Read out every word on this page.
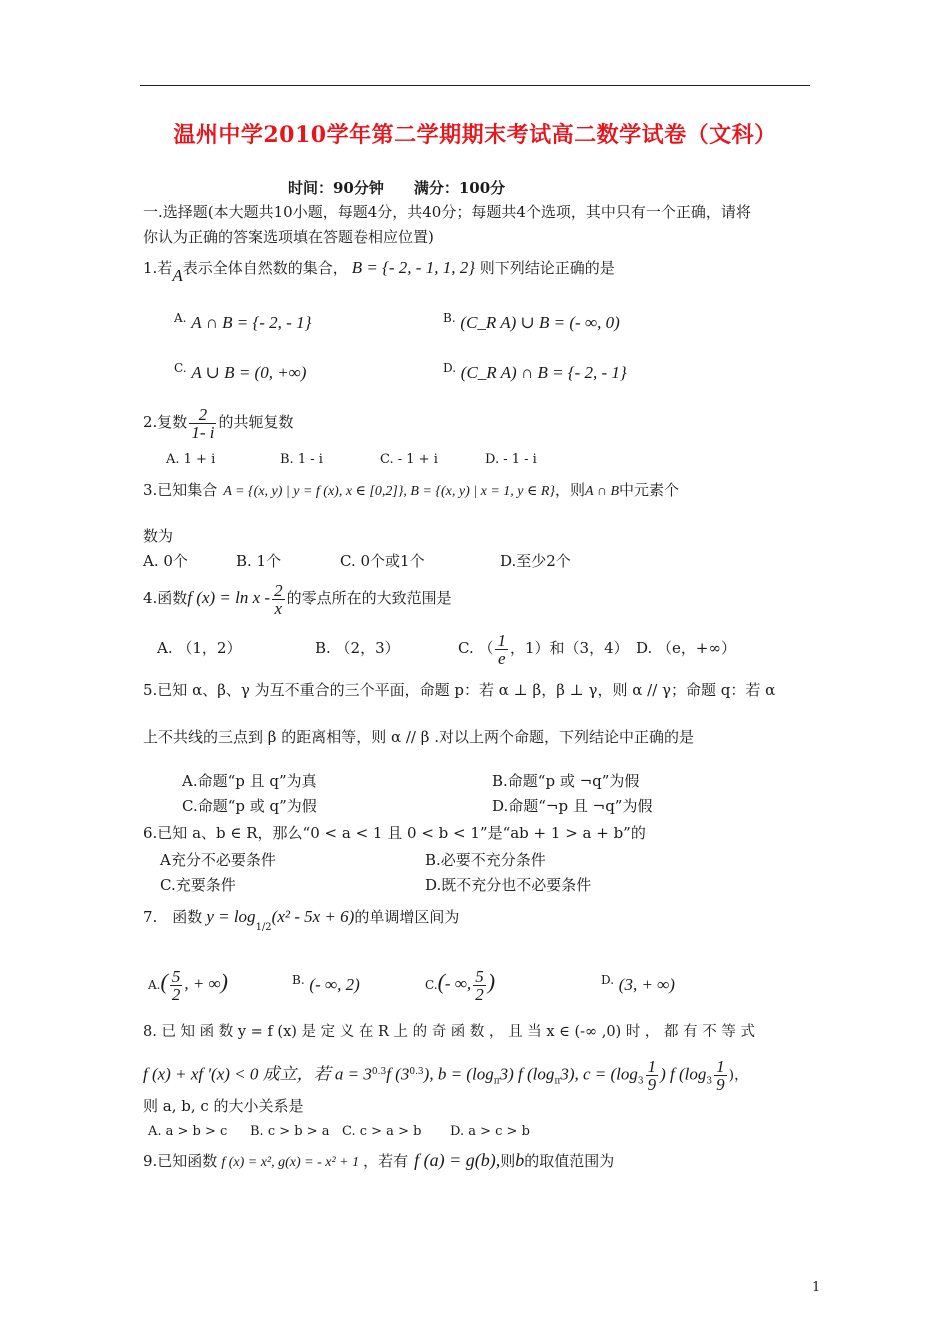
温州中学2010学年第二学期期末考试高二数学试卷（文科）
时间：90分钟　　满分：100分
一.选择题(本大题共10小题，每题4分，共40分；每题共4个选项，其中只有一个正确，请将
你认为正确的答案选项填在答题卷相应位置)
1.若A表示全体自然数的集合， B = {- 2, - 1, 1, 2} 则下列结论正确的是
$^{A.}$ A ∩ B = {- 2, - 1}	$^{B.}$ (C_R A) ∪ B = (- ∞, 0)
$^{C.}$ A ∪ B = (0, +∞)	$^{D.}$ (C_R A) ∩ B = {- 2, - 1}
2.复数 $\frac{2}{1- i}$ 的共轭复数
A. 1 + i	B. 1 - i	C. - 1 + i	D. - 1 - i
3.已知集合 A = {(x, y) | y = f (x), x ∈ [0,2]}, B = {(x, y) | x = 1, y ∈ R}，则A ∩ B中元素个
数为
A. 0个	B. 1个	C. 0个或1个	D.至少2个
4.函数f $(x) = \ln x - \frac{2}{x}$ 的零点所在的大致范围是
A. （1，2）	B. （2，3）	C. （ $\frac{1}{e}$ ，1）和（3，4） D. （e，+∞）
5.已知 α、β、γ 为互不重合的三个平面，命题 p：若 α ⊥ β，β ⊥ γ，则 α // γ；命题 q：若 α
上不共线的三点到 β 的距离相等，则 α // β .对以上两个命题，下列结论中正确的是
A.命题“p 且 q”为真	B.命题“p 或 ¬q”为假
C.命题“p 或 q”为假	D.命题“¬p 且 ¬q”为假
6.已知 a、b ∈ R，那么“0 < a < 1 且 0 < b < 1”是“ab + 1 > a + b”的
A充分不必要条件	B.必要不充分条件
C.充要条件	D.既不充分也不必要条件
7.　函数 $y = \log_{1/2}(x^2 - 5x + 6)$的单调增区间为
$A.( \frac{5}{2}$ , + ∞)	$^{B.}$ (- ∞, 2)	C.(- ∞, $\frac{5}{2}$ )	$^{D.}$ (3, + ∞)
8. 已 知 函 数 y = f (x) 是 定 义 在 R 上 的 奇 函 数 ， 且 当 x ∈ (-∞ ,0) 时 ， 都 有 不 等 式
f (x) + xf ′(x) < 0 成立，若 $a = 3^{0.3}f$ $(3^{0.3})$, $b = (\log_\pi 3)$ f $(\log_\pi 3)$, $c = (\log_3 \frac{1}{9}$ ) f ($\log_3 \frac{1}{9}$ )，
则 a, b, c 的大小关系是
A. a > b > c B. c > b > a C. c > a > b D. a > c > b
9.已知函数 f (x) = x², g(x) = - x² + 1 ，若有 f (a) = g(b),则b的取值范围为
1
